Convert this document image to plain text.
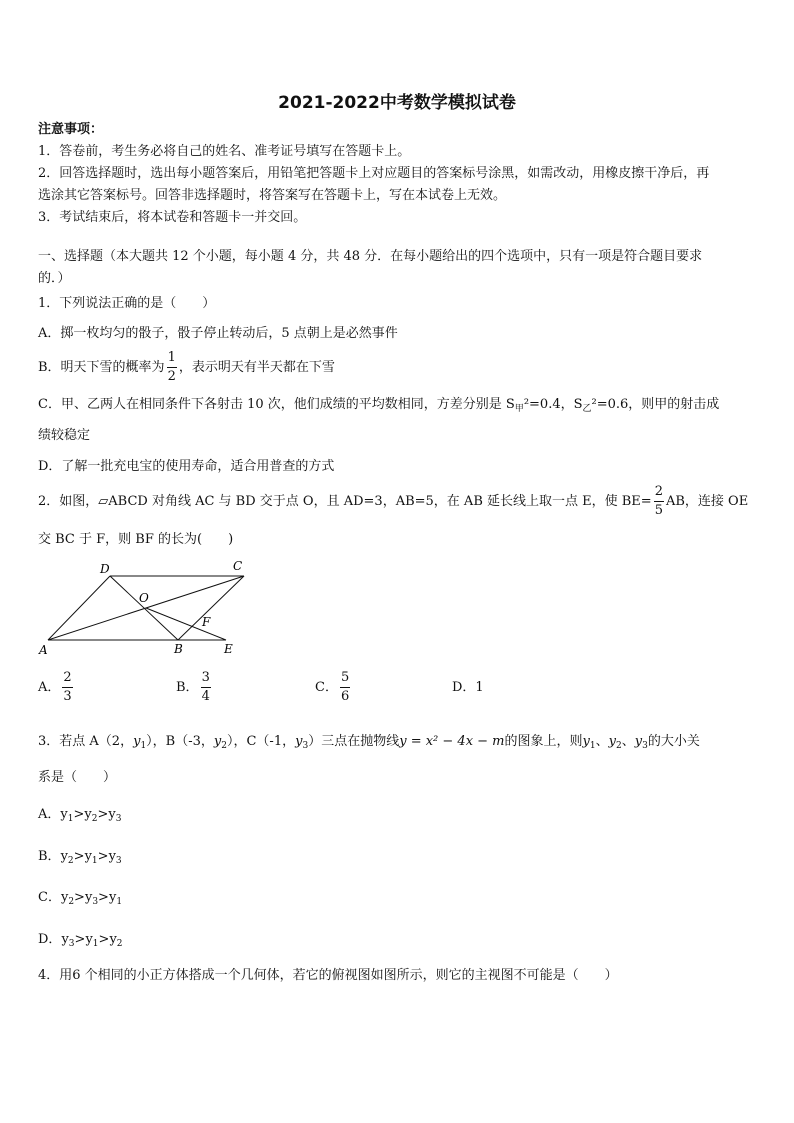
2021-2022中考数学模拟试卷
注意事项：
1．答卷前，考生务必将自己的姓名、准考证号填写在答题卡上。
2．回答选择题时，选出每小题答案后，用铅笔把答题卡上对应题目的答案标号涂黑，如需改动，用橡皮擦干净后，再
选涂其它答案标号。回答非选择题时，将答案写在答题卡上，写在本试卷上无效。
3．考试结束后，将本试卷和答题卡一并交回。
一、选择题（本大题共 12 个小题，每小题 4 分，共 48 分．在每小题给出的四个选项中，只有一项是符合题目要求
的．）
1．下列说法正确的是（　　）
A．掷一枚均匀的骰子，骰子停止转动后，5 点朝上是必然事件
B．明天下雪的概率为 $\frac{1}{2}$ ，表示明天有半天都在下雪
C．甲、乙两人在相同条件下各射击 10 次，他们成绩的平均数相同，方差分别是 $S_甲^2=0.4$，$S_乙^2=0.6$，则甲的射击成
绩较稳定
D．了解一批充电宝的使用寿命，适合用普查的方式
2．如图，▱ABCD 对角线 AC 与 BD 交于点 O，且 AD=3，AB=5，在 AB 延长线上取一点 E，使 $BE= \frac{2}{5}$ AB，连接 OE
交 BC 于 F，则 BF 的长为(　　)
D	C
O
F
A	B	E
A． $\frac{2}{3}$	B． $\frac{3}{4}$	C． $\frac{5}{6}$	D．1
3．若点 A（2，$y_1$），B（-3，$y_2$），C（-1，$y_3$）三点在抛物线y = x² − 4x − m的图象上，则$y_1$、$y_2$、$y_3$的大小关
系是（　　）
A．$y_1>y_2>y_3$
B．$y_2>y_1>y_3$
C．$y_2>y_3>y_1$
D．$y_3>y_1>y_2$
4．用6 个相同的小正方体搭成一个几何体，若它的俯视图如图所示，则它的主视图不可能是（　　）
